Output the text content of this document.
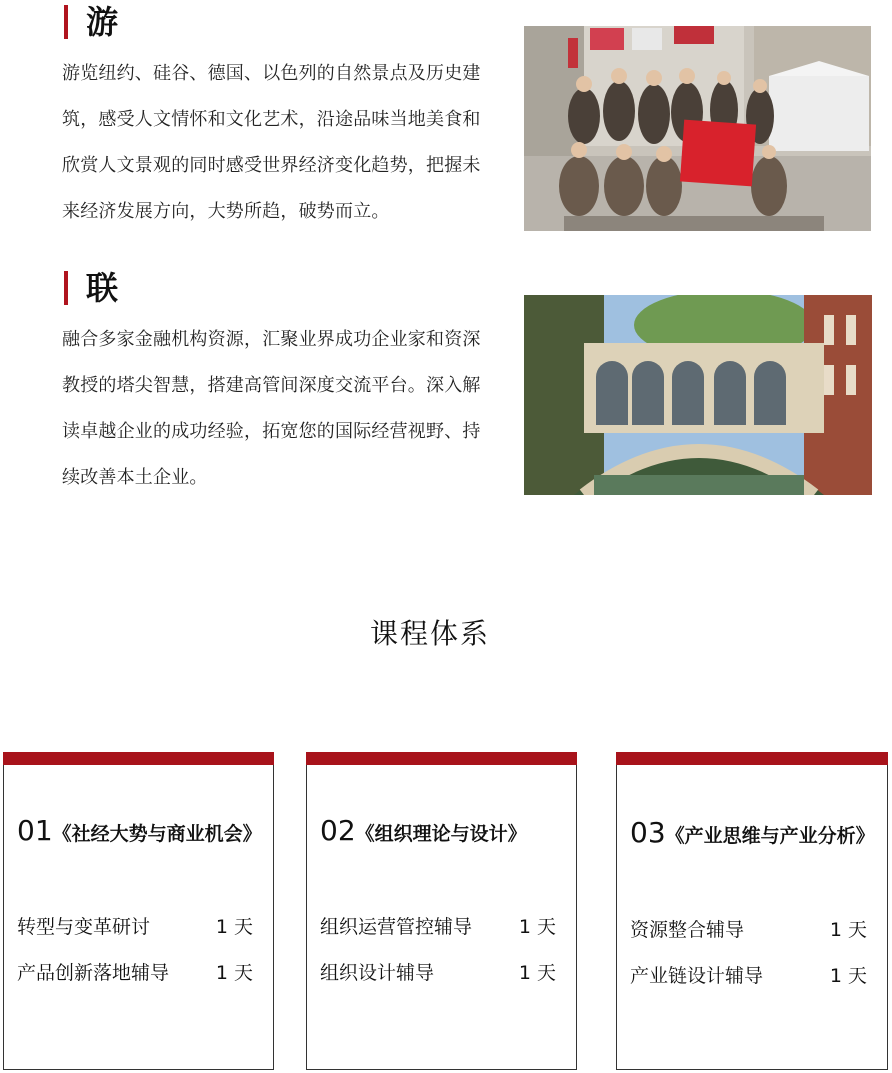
游
游览纽约、硅谷、德国、以色列的自然景点及历史建
筑，感受人文情怀和文化艺术，沿途品味当地美食和
欣赏人文景观的同时感受世界经济变化趋势，把握未
来经济发展方向，大势所趋，破势而立。
联
融合多家金融机构资源，汇聚业界成功企业家和资深
教授的塔尖智慧，搭建高管间深度交流平台。深入解
读卓越企业的成功经验，拓宽您的国际经营视野、持
续改善本土企业。
课程体系
01《社经大势与商业机会》
转型与变革研讨	1 天
产品创新落地辅导 1 天
02《组织理论与设计》
组织运营管控辅导 1 天
组织设计辅导	1 天
03《产业思维与产业分析》
资源整合辅导	1 天
产业链设计辅导	1 天
